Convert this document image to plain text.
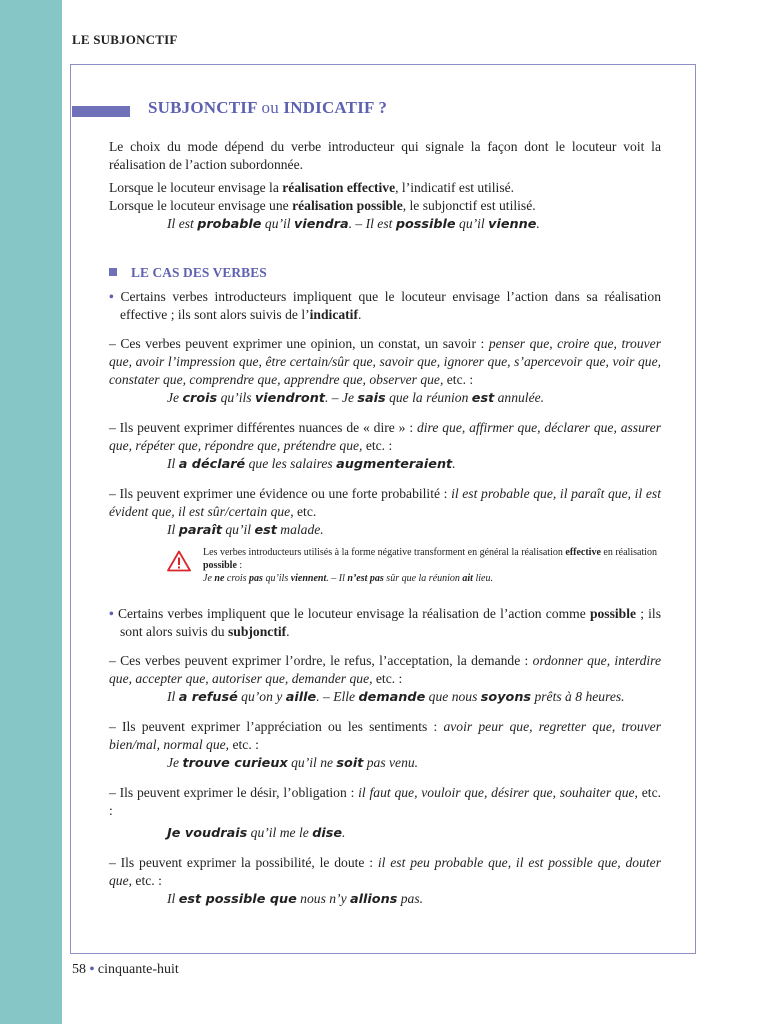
LE SUBJONCTIF
SUBJONCTIF ou INDICATIF ?

Le choix du mode dépend du verbe introducteur qui signale la façon dont le locuteur voit la réalisation de l’action subordonnée.

Lorsque le locuteur envisage la réalisation effective, l’indicatif est utilisé.

Lorsque le locuteur envisage une réalisation possible, le subjonctif est utilisé.

Il est probable qu’il viendra. – Il est possible qu’il vienne.

LE CAS DES VERBES

• Certains verbes introducteurs impliquent que le locuteur envisage l’action dans sa réalisation effective ; ils sont alors suivis de l’indicatif.

– Ces verbes peuvent exprimer une opinion, un constat, un savoir : penser que, croire que, trouver que, avoir l’impression que, être certain/sûr que, savoir que, ignorer que, s’apercevoir que, voir que, constater que, comprendre que, apprendre que, observer que, etc. :

Je crois qu’ils viendront. – Je sais que la réunion est annulée.

– Ils peuvent exprimer différentes nuances de « dire » : dire que, affirmer que, déclarer que, assurer que, répéter que, répondre que, prétendre que, etc. :

Il a déclaré que les salaires augmenteraient.

– Ils peuvent exprimer une évidence ou une forte probabilité : il est probable que, il paraît que, il est évident que, il est sûr/certain que, etc.

Il paraît qu’il est malade.

Les verbes introducteurs utilisés à la forme négative transforment en général la réalisation effective en réalisation possible :

Je ne crois pas qu’ils viennent. – Il n’est pas sûr que la réunion ait lieu.

• Certains verbes impliquent que le locuteur envisage la réalisation de l’action comme possible ; ils sont alors suivis du subjonctif.

– Ces verbes peuvent exprimer l’ordre, le refus, l’acceptation, la demande : ordonner que, interdire que, accepter que, autoriser que, demander que, etc. :

Il a refusé qu’on y aille. – Elle demande que nous soyons prêts à 8 heures.

– Ils peuvent exprimer l’appréciation ou les sentiments : avoir peur que, regretter que, trouver bien/mal, normal que, etc. :

Je trouve curieux qu’il ne soit pas venu.

– Ils peuvent exprimer le désir, l’obligation : il faut que, vouloir que, désirer que, souhaiter que, etc. :

Je voudrais qu’il me le dise.

– Ils peuvent exprimer la possibilité, le doute : il est peu probable que, il est possible que, douter que, etc. :

Il est possible que nous n’y allions pas.

58 • cinquante-huit
